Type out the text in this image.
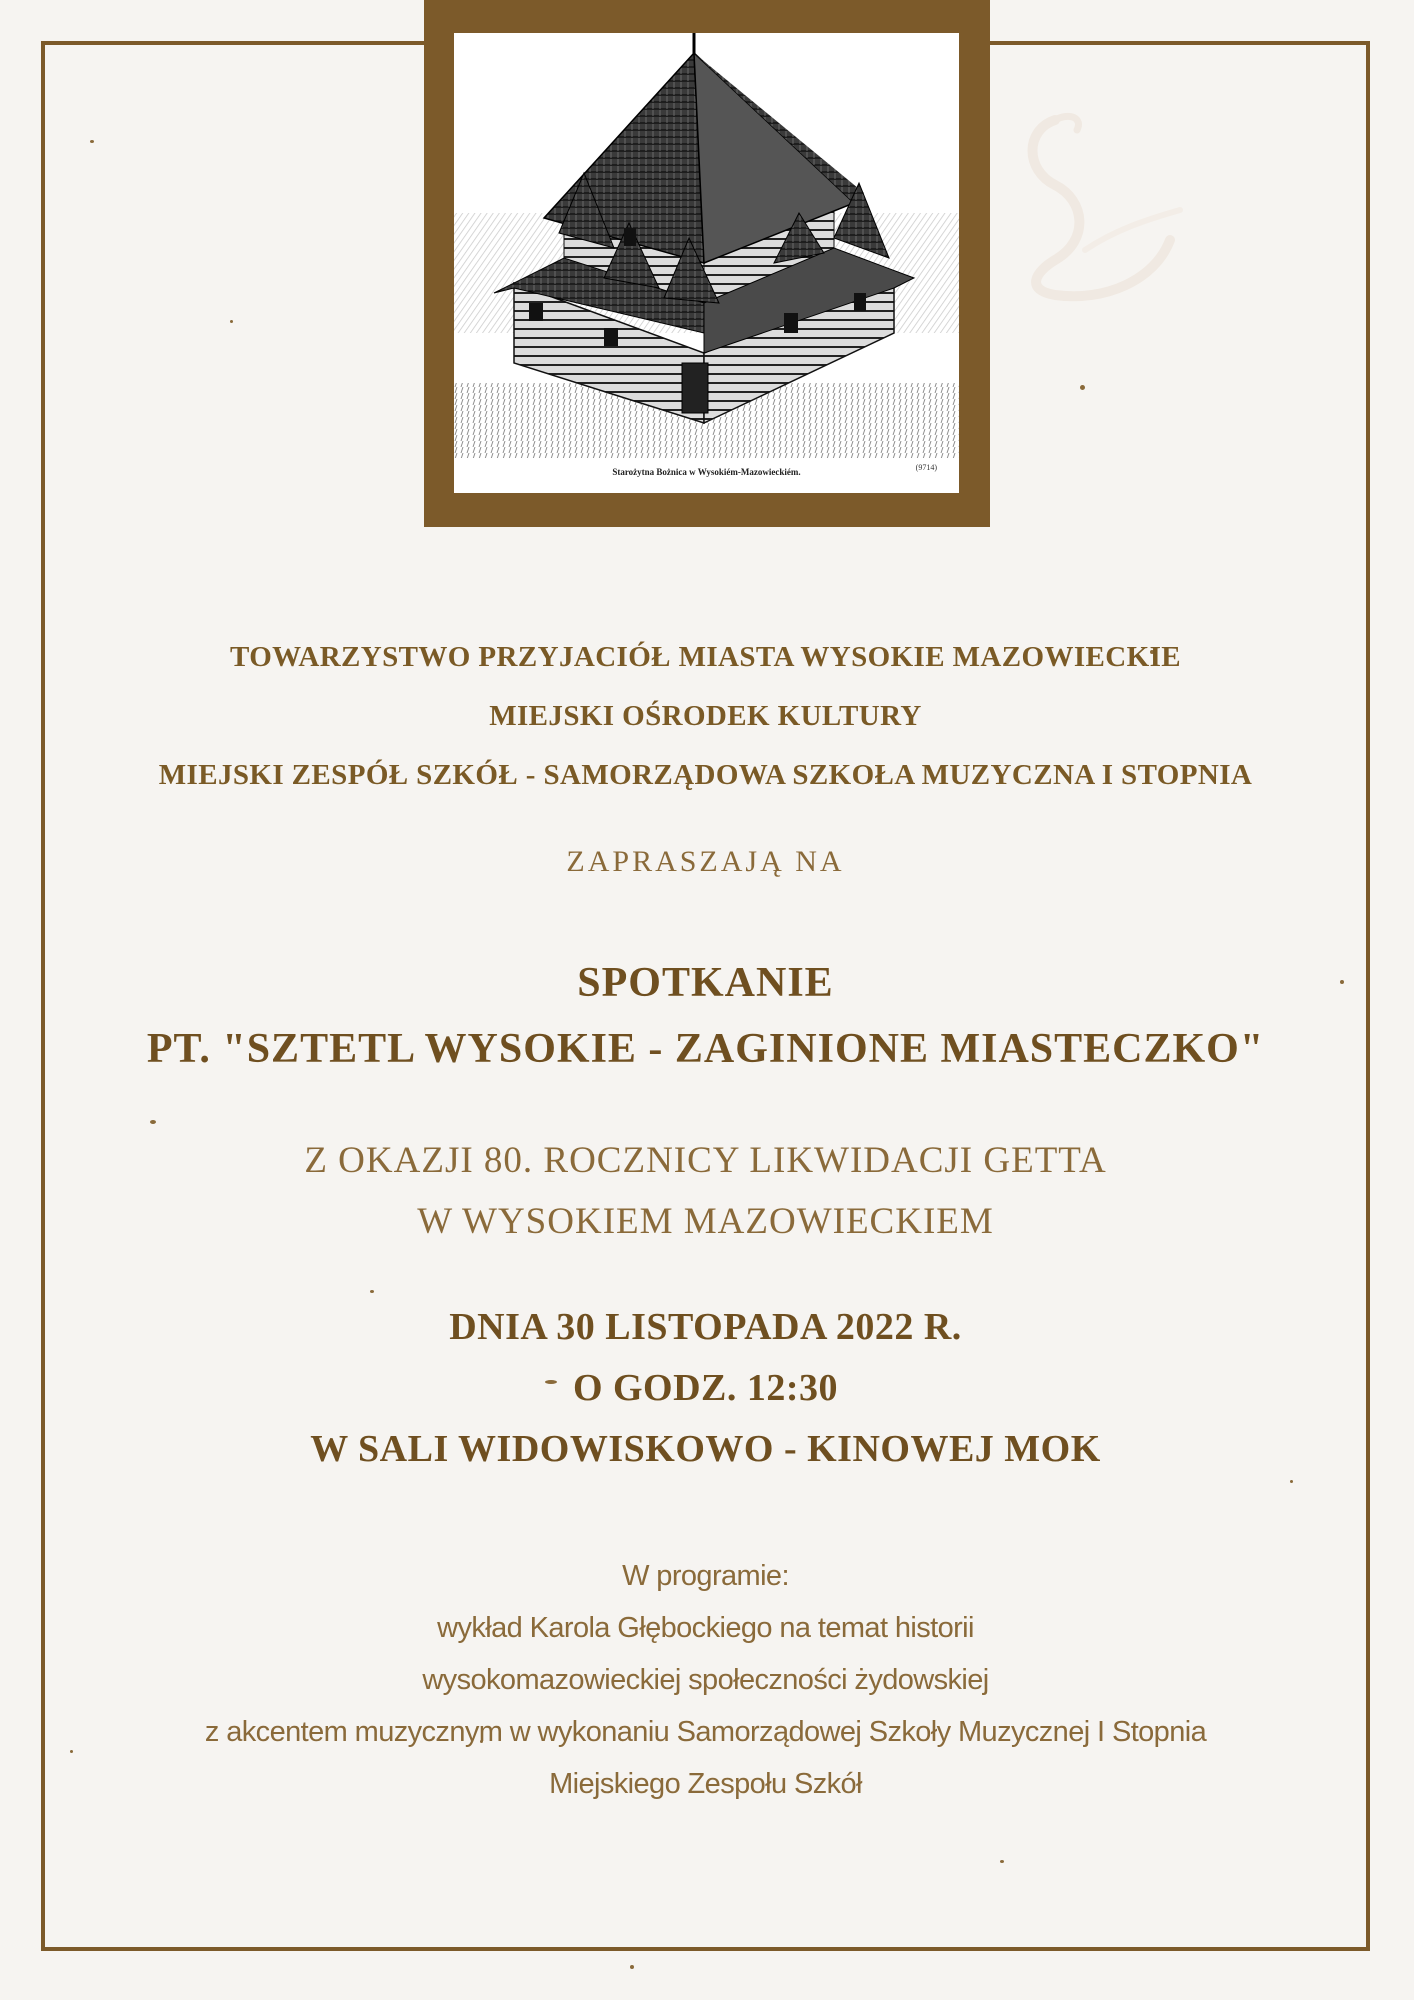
Starożytna Bożnica w Wysokiém-Mazowieckiém.	(9714)
TOWARZYSTWO PRZYJACIÓŁ MIASTA WYSOKIE MAZOWIECKIE
MIEJSKI OŚRODEK KULTURY
MIEJSKI ZESPÓŁ SZKÓŁ - SAMORZĄDOWA SZKOŁA MUZYCZNA I STOPNIA
ZAPRASZAJĄ NA
SPOTKANIE
PT. "SZTETL WYSOKIE - ZAGINIONE MIASTECZKO"
Z OKAZJI 80. ROCZNICY LIKWIDACJI GETTA
W WYSOKIEM MAZOWIECKIEM
DNIA 30 LISTOPADA 2022 R.
O GODZ. 12:30
W SALI WIDOWISKOWO - KINOWEJ MOK
W programie:
wykład Karola Głębockiego na temat historii
wysokomazowieckiej społeczności żydowskiej
z akcentem muzycznym w wykonaniu Samorządowej Szkoły Muzycznej I Stopnia
Miejskiego Zespołu Szkół
